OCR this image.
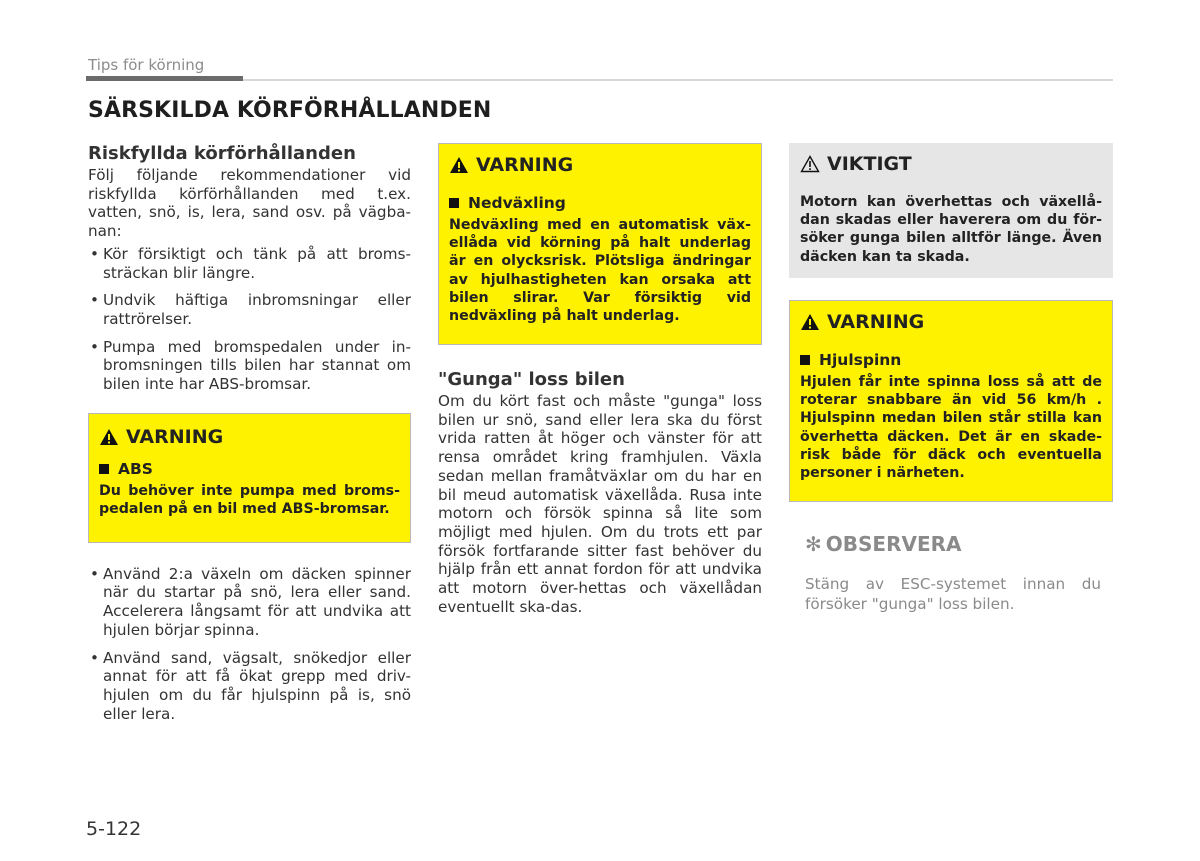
Tips för körning
SÄRSKILDA KÖRFÖRHÅLLANDEN
Riskfyllda körförhållanden

Följ följande rekommendationer vid riskfyllda körförhållanden med t.ex. vatten, snö, is, lera, sand osv. på vägba-nan:

• Kör försiktigt och tänk på att broms-sträckan blir längre.
• Undvik häftiga inbromsningar eller rattrörelser.
• Pumpa med bromspedalen under in-bromsningen tills bilen har stannat om bilen inte har ABS-bromsar.
VARNING
ABS
Du behöver inte pumpa med broms-pedalen på en bil med ABS-bromsar.
• Använd 2:a växeln om däcken spinner när du startar på snö, lera eller sand. Accelerera långsamt för att undvika att hjulen börjar spinna.
• Använd sand, vägsalt, snökedjor eller annat för att få ökat grepp med driv-hjulen om du får hjulspinn på is, snö eller lera.
VARNING
Nedväxling
Nedväxling med en automatisk väx-ellåda vid körning på halt underlag är en olycksrisk. Plötsliga ändringar av hjulhastigheten kan orsaka att bilen slirar. Var försiktig vid nedväxling på halt underlag.
"Gunga" loss bilen

Om du kört fast och måste "gunga" loss bilen ur snö, sand eller lera ska du först vrida ratten åt höger och vänster för att rensa området kring framhjulen. Växla sedan mellan framåtväxlar om du har en bil meud automatisk växellåda. Rusa inte motorn och försök spinna så lite som möjligt med hjulen. Om du trots ett par försök fortfarande sitter fast behöver du hjälp från ett annat fordon för att undvika att motorn över-hettas och växellådan eventuellt ska-das.

VIKTIGT
Motorn kan överhettas och växellå-dan skadas eller haverera om du för-söker gunga bilen alltför länge. Även däcken kan ta skada.
VARNING
Hjulspinn
Hjulen får inte spinna loss så att de roterar snabbare än vid 56 km/h . Hjulspinn medan bilen står stilla kan överhetta däcken. Det är en skade-risk både för däck och eventuella personer i närheten.
✻ OBSERVERA
Stäng av ESC-systemet innan du försöker "gunga" loss bilen.
5-122
